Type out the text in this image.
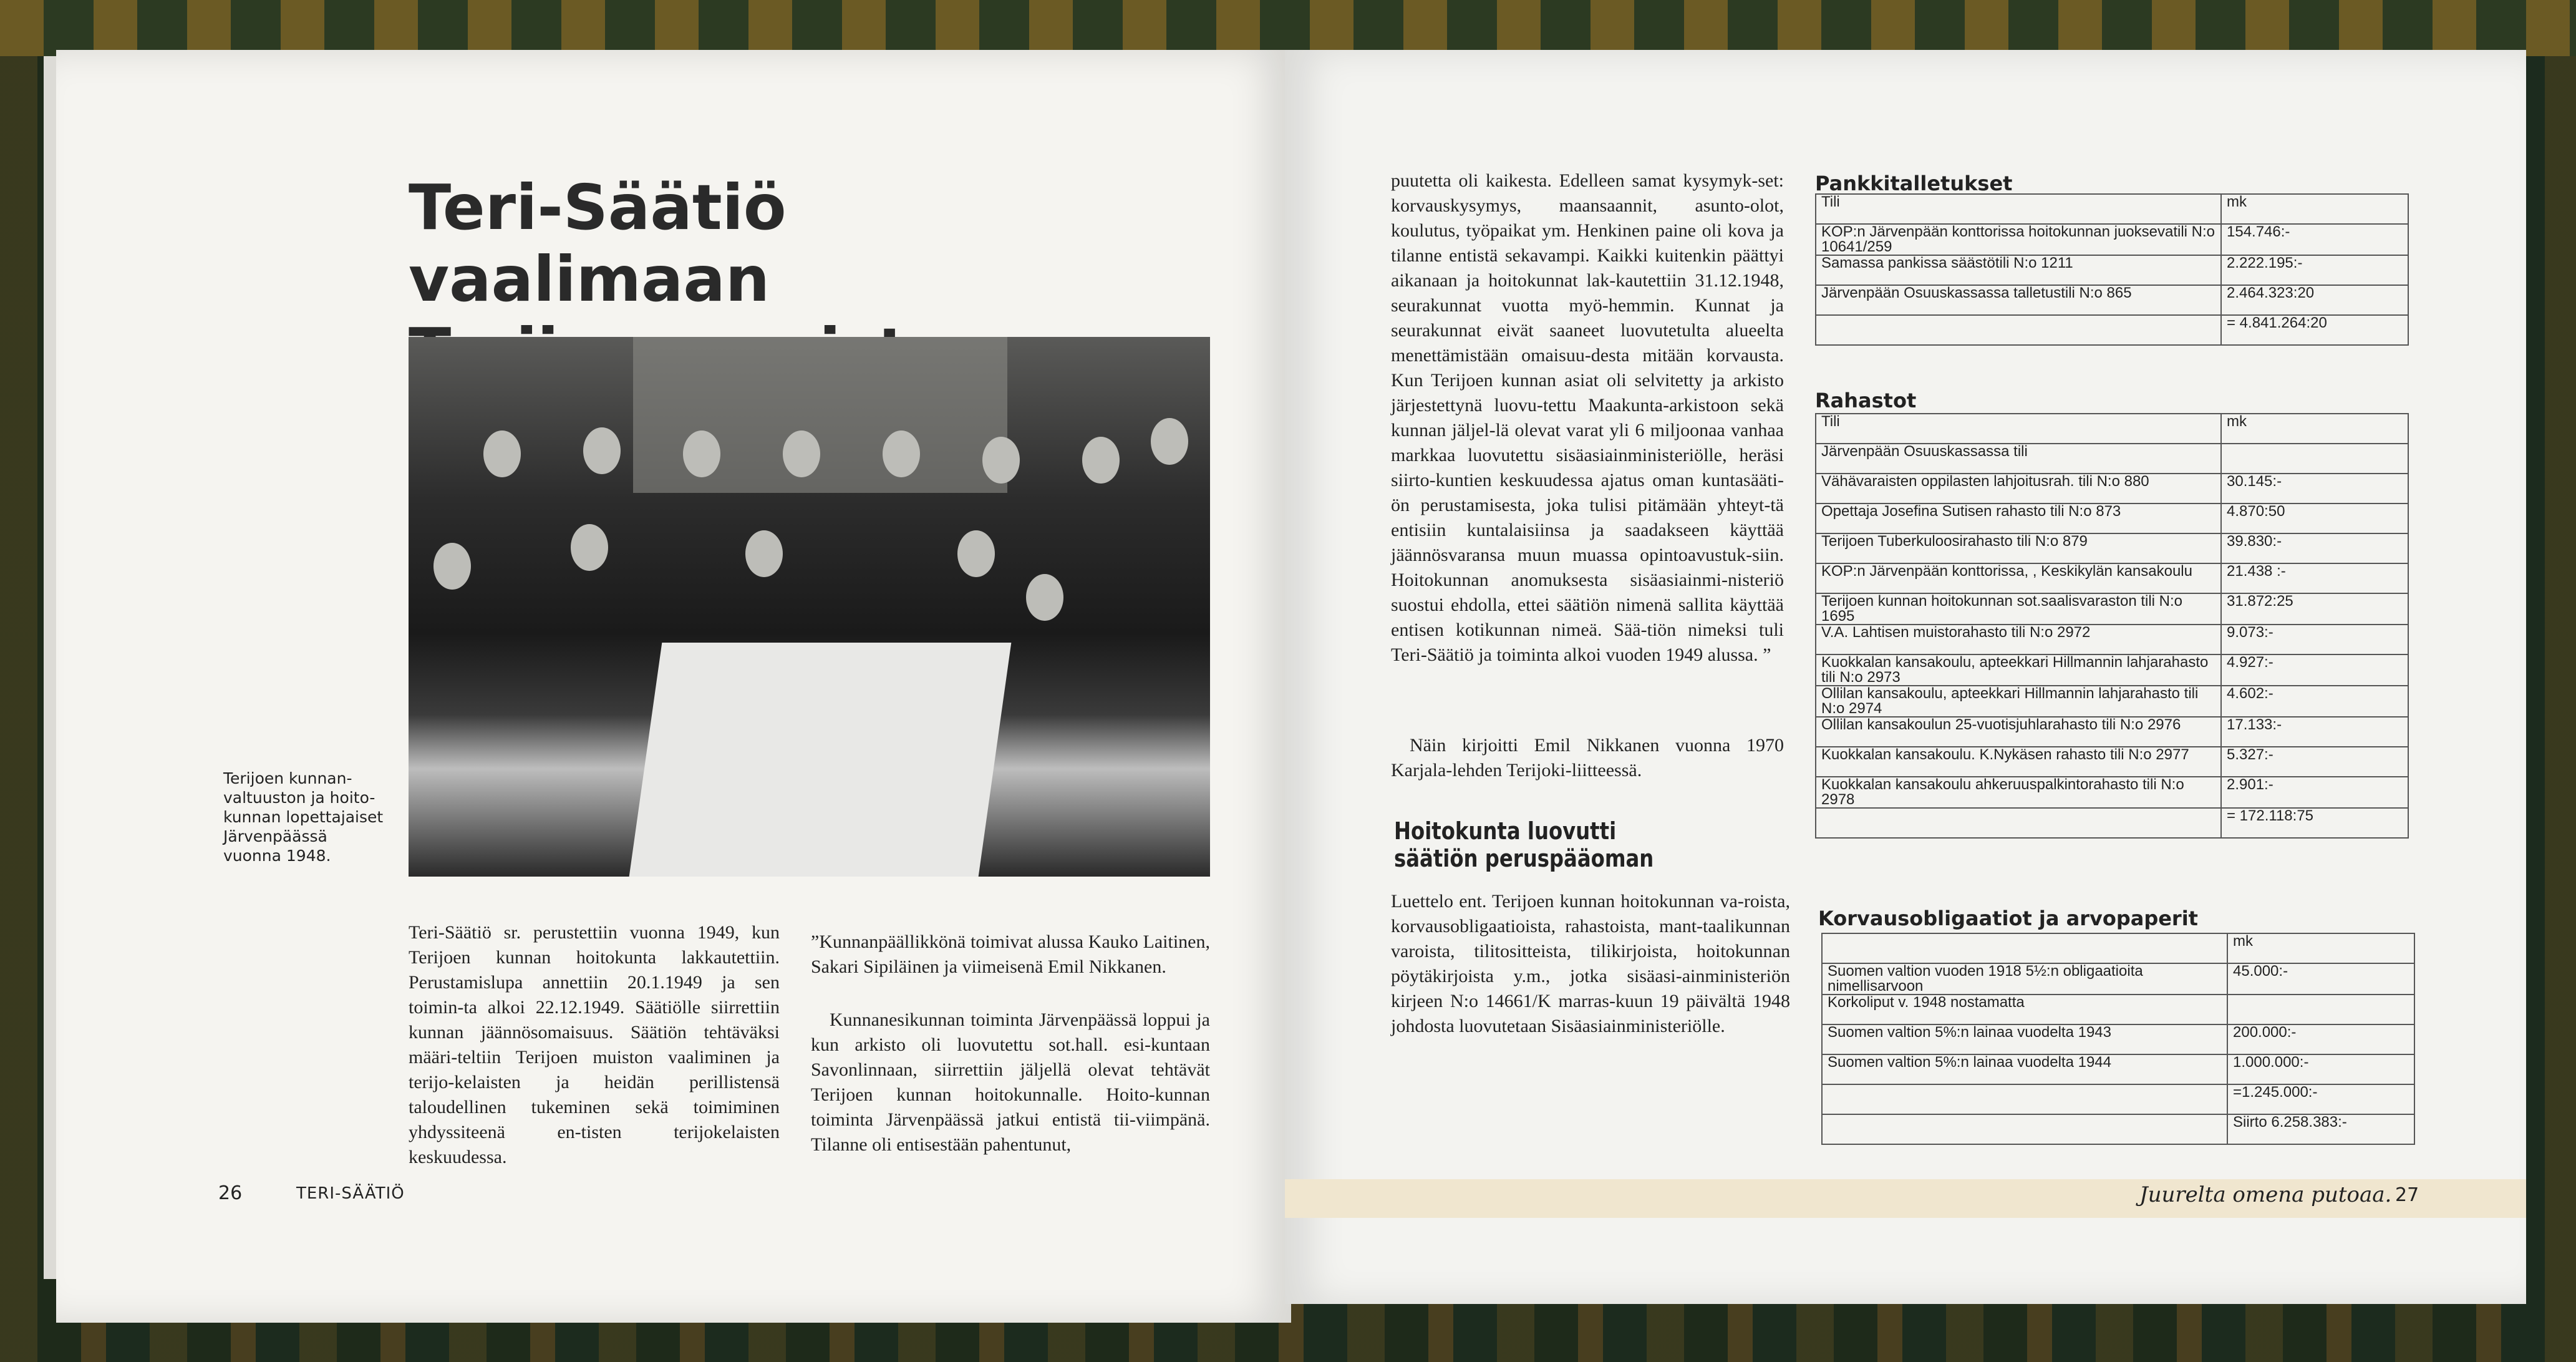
Teri-Säätiö vaalimaan
Terijoen kunnan-valtuuston ja hoito-kunnan lopettajaiset Järvenpäässä vuonna 1948.
Teri-Säätiö sr. perustettiin vuonna 1949, kun Terijoen kunnan hoitokunta lakkautettiin. Perustamislupa annettiin 20.1.1949 ja sen toimin-ta alkoi 22.12.1949. Säätiölle siirrettiin kunnan jäännösomaisuus. Säätiön tehtäväksi määri-teltiin Terijoen muiston vaaliminen ja terijo-kelaisten ja heidän perillistensä taloudellinen tukeminen sekä toimiminen yhdyssiteenä en-tisten terijokelaisten keskuudessa.
”Kunnanpäällikkönä toimivat alussa Kauko Laitinen, Sakari Sipiläinen ja viimeisenä Emil Nikkanen.
Kunnanesikunnan toiminta Järvenpäässä loppui ja kun arkisto oli luovutettu sot.hall. esi-kuntaan Savonlinnaan, siirrettiin jäljellä olevat tehtävät Terijoen kunnan hoitokunnalle. Hoito-kunnan toiminta Järvenpäässä jatkui entistä tii-viimpänä. Tilanne oli entisestään pahentunut,
26	TERI-SÄÄTIÖ
puutetta oli kaikesta. Edelleen samat kysymyk-set: korvauskysymys, maansaannit, asunto-olot, koulutus, työpaikat ym. Henkinen paine oli kova ja tilanne entistä sekavampi. Kaikki kuitenkin päättyi aikanaan ja hoitokunnat lak-kautettiin 31.12.1948, seurakunnat vuotta myö-hemmin. Kunnat ja seurakunnat eivät saaneet luovutetulta alueelta menettämistään omaisuu-desta mitään korvausta. Kun Terijoen kunnan asiat oli selvitetty ja arkisto järjestettynä luovu-tettu Maakunta-arkistoon sekä kunnan jäljel-lä olevat varat yli 6 miljoonaa vanhaa markkaa luovutettu sisäasiainministeriölle, heräsi siirto-kuntien keskuudessa ajatus oman kuntasääti-ön perustamisesta, joka tulisi pitämään yhteyt-tä entisiin kuntalaisiinsa ja saadakseen käyttää jäännösvaransa muun muassa opintoavustuk-siin. Hoitokunnan anomuksesta sisäasiainmi-nisteriö suostui ehdolla, ettei säätiön nimenä sallita käyttää entisen kotikunnan nimeä. Sää-tiön nimeksi tuli Teri-Säätiö ja toiminta alkoi vuoden 1949 alussa. ”
Näin kirjoitti Emil Nikkanen vuonna 1970 Karjala-lehden Terijoki-liitteessä.
Hoitokunta luovutti
säätiön peruspääoman
Luettelo ent. Terijoen kunnan hoitokunnan va-roista, korvausobligaatioista, rahastoista, mant-taalikunnan varoista, tilitositteista, tilikirjoista, hoitokunnan pöytäkirjoista y.m., jotka sisäasi-ainministeriön kirjeen N:o 14661/K marras-kuun 19 päivältä 1948 johdosta luovutetaan Sisäasiainministeriölle.
Pankkitalletukset
Tili	mk
KOP:n Järvenpään konttorissa hoitokunnan juoksevatili N:o 10641/259	154.746:-
Samassa pankissa säästötili N:o 1211	2.222.195:-
Järvenpään Osuuskassassa talletustili N:o 865	2.464.323:20
	= 4.841.264:20
Rahastot
Tili	mk
Järvenpään Osuuskassassa tili	
Vähävaraisten oppilasten lahjoitusrah. tili N:o 880	30.145:-
Opettaja Josefina Sutisen rahasto tili N:o 873	4.870:50
Terijoen Tuberkuloosirahasto tili N:o 879	39.830:-
KOP:n Järvenpään konttorissa, , Keskikylän kansakoulu	21.438 :-
Terijoen kunnan hoitokunnan sot.saalisvaraston tili N:o 1695	31.872:25
V.A. Lahtisen muistorahasto tili N:o 2972	9.073:-
Kuokkalan kansakoulu, apteekkari Hillmannin lahjarahasto tili N:o 2973	4.927:-
Ollilan kansakoulu, apteekkari Hillmannin lahjarahasto tili N:o 2974	4.602:-
Ollilan kansakoulun 25-vuotisjuhlarahasto tili N:o 2976	17.133:-
Kuokkalan kansakoulu. K.Nykäsen rahasto tili N:o 2977	5.327:-
Kuokkalan kansakoulu ahkeruuspalkintorahasto tili N:o 2978	2.901:-
	= 172.118:75
Korvausobligaatiot ja arvopaperit
	mk
Suomen valtion vuoden 1918 5½:n obligaatioita nimellisarvoon	45.000:-
Korkoliput v. 1948 nostamatta	
Suomen valtion 5%:n lainaa vuodelta 1943	200.000:-
Suomen valtion 5%:n lainaa vuodelta 1944	1.000.000:-
	=1.245.000:-
	Siirto 6.258.383:-
Juurelta omena putoaa. 27
